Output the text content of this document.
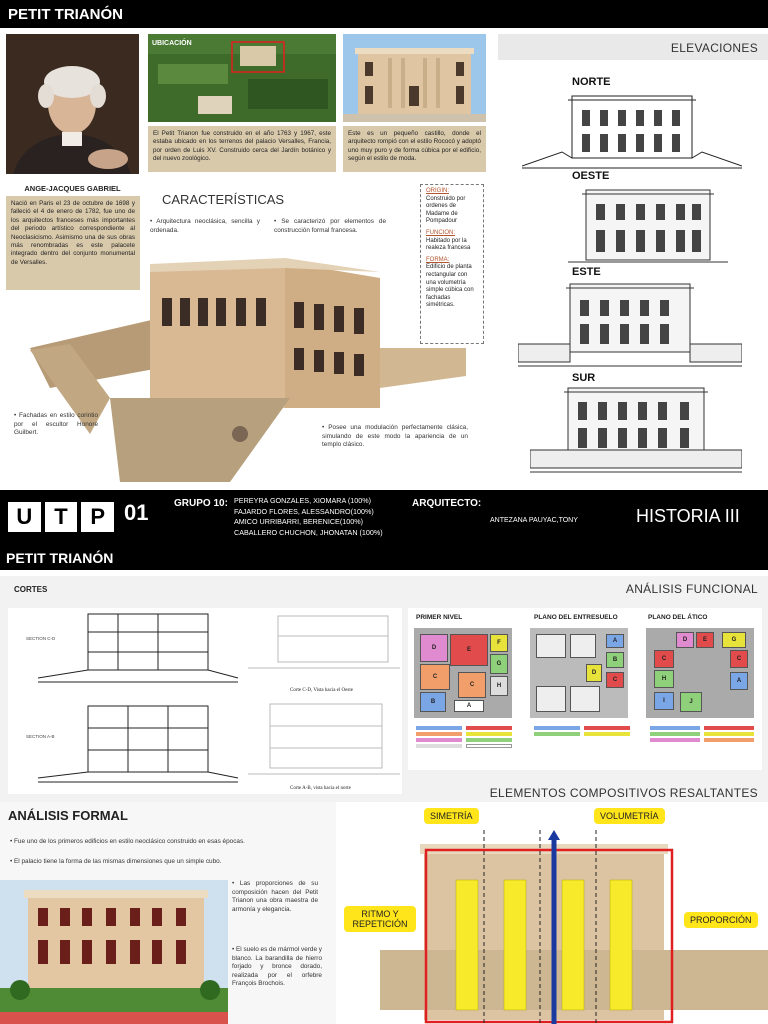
PETIT TRIANÓN
ANGE-JACQUES GABRIEL
Nació en Paris el 23 de octubre de 1698 y falleció el 4 de enero de 1782, fue uno de los arquitectos franceses más importantes del periodo artístico correspondiente al Neoclasicismo. Asimismo una de sus obras más renombradas es este palacete integrado dentro del conjunto monumental de Versalles.
UBICACIÓN
El Petit Trianon fue construido en el año 1763 y 1967, este estaba ubicado en los terrenos del palacio Versalles, Francia, por orden de Luis XV. Construido cerca del Jardín botánico y del nuevo zoológico.
Este es un pequeño castillo, donde el arquitecto rompió con el estilo Rococó y adoptó uno muy puro y de forma cúbica por el edificio, según el estilo de moda.
CARACTERÍSTICAS
• Arquitectura neoclásica, sencilla y ordenada.
• Se caracterizó por elementos de construcción formal francesa.
ORIGIN:
Construido por ordenes de Madame de Pompadour
FUNCION:
Habitado por la realeza francesa
FORMA:
Edificio de planta rectangular con una volumetría simple cúbica con fachadas simétricas.
• Fachadas en estilo corintio por el escultor Honore Guilbert.
• Posee una modulación perfectamente clásica, simulando de este modo la apariencia de un templo clásico.
ELEVACIONES
NORTE
OESTE
ESTE
SUR
U	T	P 01	GRUPO 10: PEREYRA GONZALES, XIOMARA (100%)
FAJARDO FLORES, ALESSANDRO(100%)
AMICO URRIBARRI, BERENICE(100%)
CABALLERO CHUCHON, JHONATAN (100%)
ARQUITECTO:
ANTEZANA PAUYAC,TONY	HISTORIA III
PETIT TRIANÓN
CORTES	ANÁLISIS FUNCIONAL
SECTION C-D
Corte C-D, Vista hacia el Oeste
SECTION A-B
Corte A-B, vista hacia el norte
PRIMER NIVEL	PLANO DEL ENTRESUELO	PLANO DEL ÁTICO
D	E
F
G
C
C	H
B
A
A
B
D
C
D	E	G
C	C
H	A
I	J
ELEMENTOS COMPOSITIVOS RESALTANTES
ANÁLISIS FORMAL
• Fue uno de los primeros edificios en estilo neoclásico construido en esas épocas.
• El palacio tiene la forma de las mismas dimensiones que un simple cubo.
• Las proporciones de su composición hacen del Petit Trianon una obra maestra de armonía y elegancia.
• El suelo es de mármol verde y blanco. La barandilla de hierro forjado y bronce dorado, realizada por el orfebre François Brochois.
SIMETRÍA	VOLUMETRÍA
RITMO Y REPETICIÓN	PROPORCIÓN
